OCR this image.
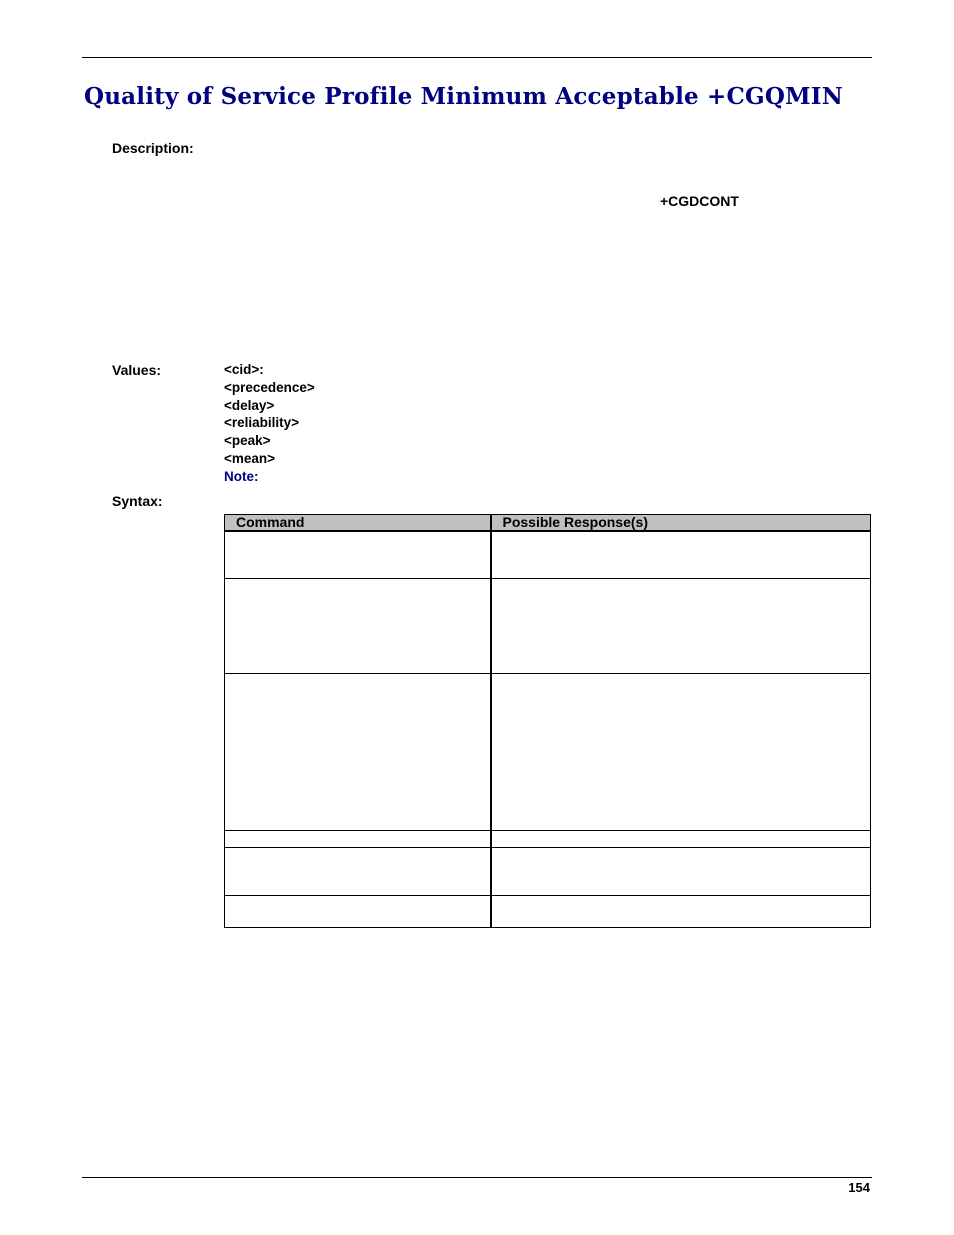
Quality of Service Profile Minimum Acceptable +CGQMIN
Description:
+CGDCONT
Values:	<cid>:
<precedence>
<delay>
<reliability>
<peak>
<mean>
Note:
Syntax:
Command	Possible Response(s)

154
